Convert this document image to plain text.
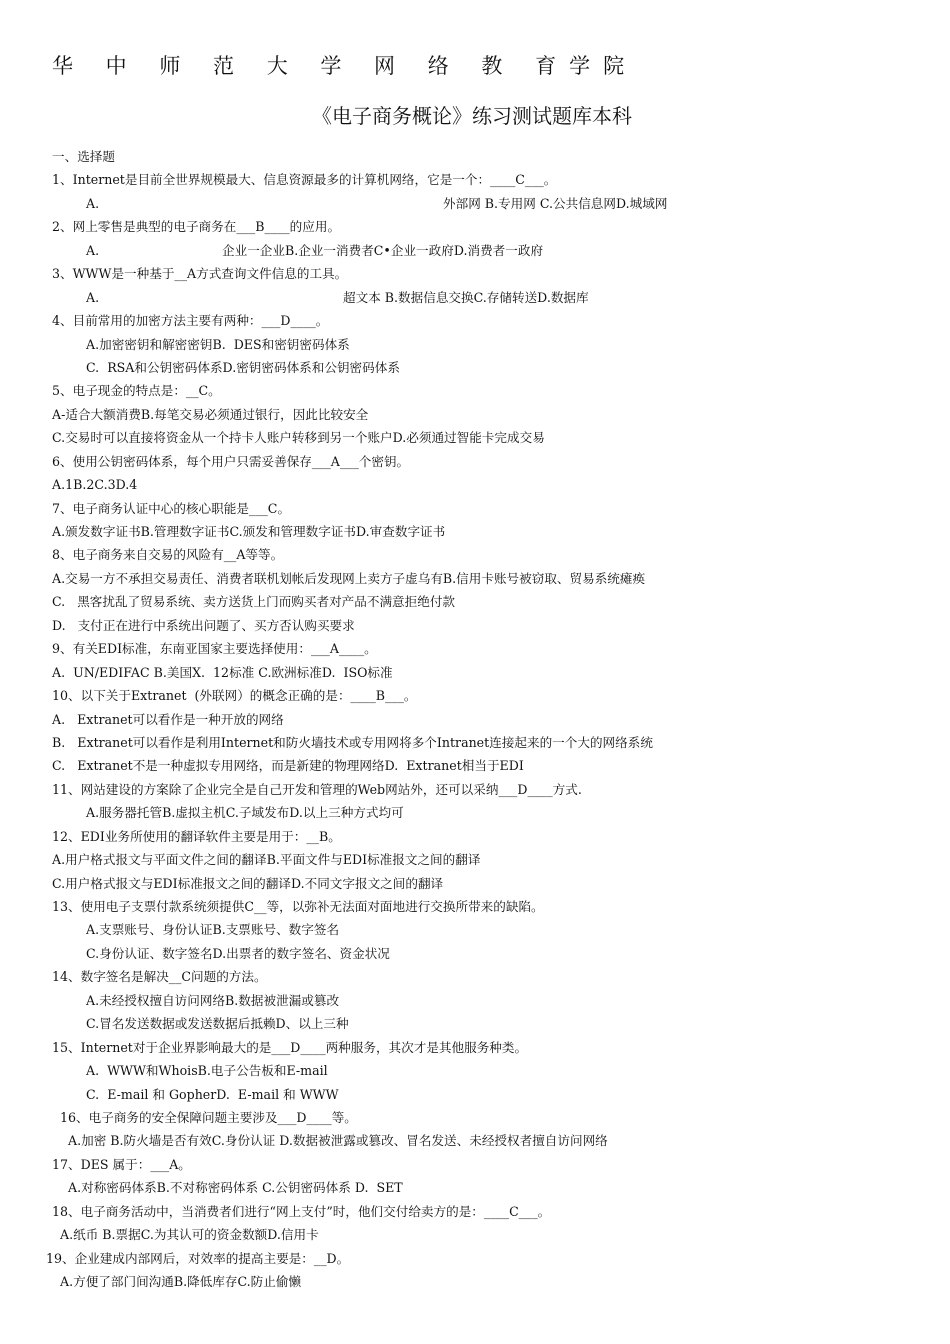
华 中 师 范 大 学 网 络 教 育学院
《电子商务概论》练习测试题库本科
一、选择题
1、Internet是目前全世界规模最大、信息资源最多的计算机网络，它是一个：____C___。
A.	外部网 B.专用网 C.公共信息网D.城域网
2、网上零售是典型的电子商务在___B____的应用。
A.	企业一企业B.企业一消费者C•企业一政府D.消费者一政府
3、WWW是一种基于__A方式查询文件信息的工具。
A.	超文本 B.数据信息交换C.存储转送D.数据库
4、目前常用的加密方法主要有两种：___D____。
A.加密密钥和解密密钥B.  DES和密钥密码体系
C.  RSA和公钥密码体系D.密钥密码体系和公钥密码体系
5、电子现金的特点是：__C。
A-适合大额消费B.每笔交易必须通过银行，因此比较安全
C.交易时可以直接将资金从一个持卡人账户转移到另一个账户D.必须通过智能卡完成交易
6、使用公钥密码体系，每个用户只需妥善保存___A___个密钥。
A.1B.2C.3D.4
7、电子商务认证中心的核心职能是___C。
A.颁发数字证书B.管理数字证书C.颁发和管理数字证书D.审查数字证书
8、电子商务来自交易的风险有__A等等。
A.交易一方不承担交易责任、消费者联机划帐后发现网上卖方子虚乌有B.信用卡账号被窃取、贸易系统瘫痪
C.   黑客扰乱了贸易系统、卖方送货上门而购买者对产品不满意拒绝付款
D.   支付正在进行中系统出问题了、买方否认购买要求
9、有关EDI标准，东南亚国家主要选择使用：___A____。
A.  UN/EDIFAC B.美国X.  12标准 C.欧洲标准D.  ISO标准
10、以下关于Extranet  (外联网）的概念正确的是：____B___。
A.   Extranet可以看作是一种开放的网络
B.   Extranet可以看作是利用Internet和防火墙技术或专用网将多个Intranet连接起来的一个大的网络系统
C.   Extranet不是一种虚拟专用网络，而是新建的物理网络D.  Extranet相当于EDI
11、网站建设的方案除了企业完全是自己开发和管理的Web网站外，还可以采纳___D____方式.
A.服务器托管B.虚拟主机C.子域发布D.以上三种方式均可
12、EDI业务所使用的翻译软件主要是用于：__B。
A.用户格式报文与平面文件之间的翻译B.平面文件与EDI标准报文之间的翻译
C.用户格式报文与EDI标准报文之间的翻译D.不同文字报文之间的翻译
13、使用电子支票付款系统须提供C__等，以弥补无法面对面地进行交换所带来的缺陷。
A.支票账号、身份认证B.支票账号、数字签名
C.身份认证、数字签名D.出票者的数字签名、资金状况
14、数字签名是解决__C问题的方法。
A.未经授权擅自访问网络B.数据被泄漏或篡改
C.冒名发送数据或发送数据后抵赖D、以上三种
15、Internet对于企业界影响最大的是___D____两种服务，其次才是其他服务种类。
A.  WWW和WhoisB.电子公告板和E-mail
C.  E-mail 和 GopherD.  E-mail 和 WWW
16、电子商务的安全保障问题主要涉及___D____等。
A.加密 B.防火墙是否有效C.身份认证 D.数据被泄露或篡改、冒名发送、未经授权者擅自访问网络
17、DES 属于：___A。
A.对称密码体系B.不对称密码体系 C.公钥密码体系 D.  SET
18、电子商务活动中，当消费者们进行“网上支付”时，他们交付给卖方的是：____C___。
A.纸币 B.票据C.为其认可的资金数额D.信用卡
19、企业建成内部网后，对效率的提高主要是：__D。
A.方便了部门间沟通B.降低库存C.防止偷懒
